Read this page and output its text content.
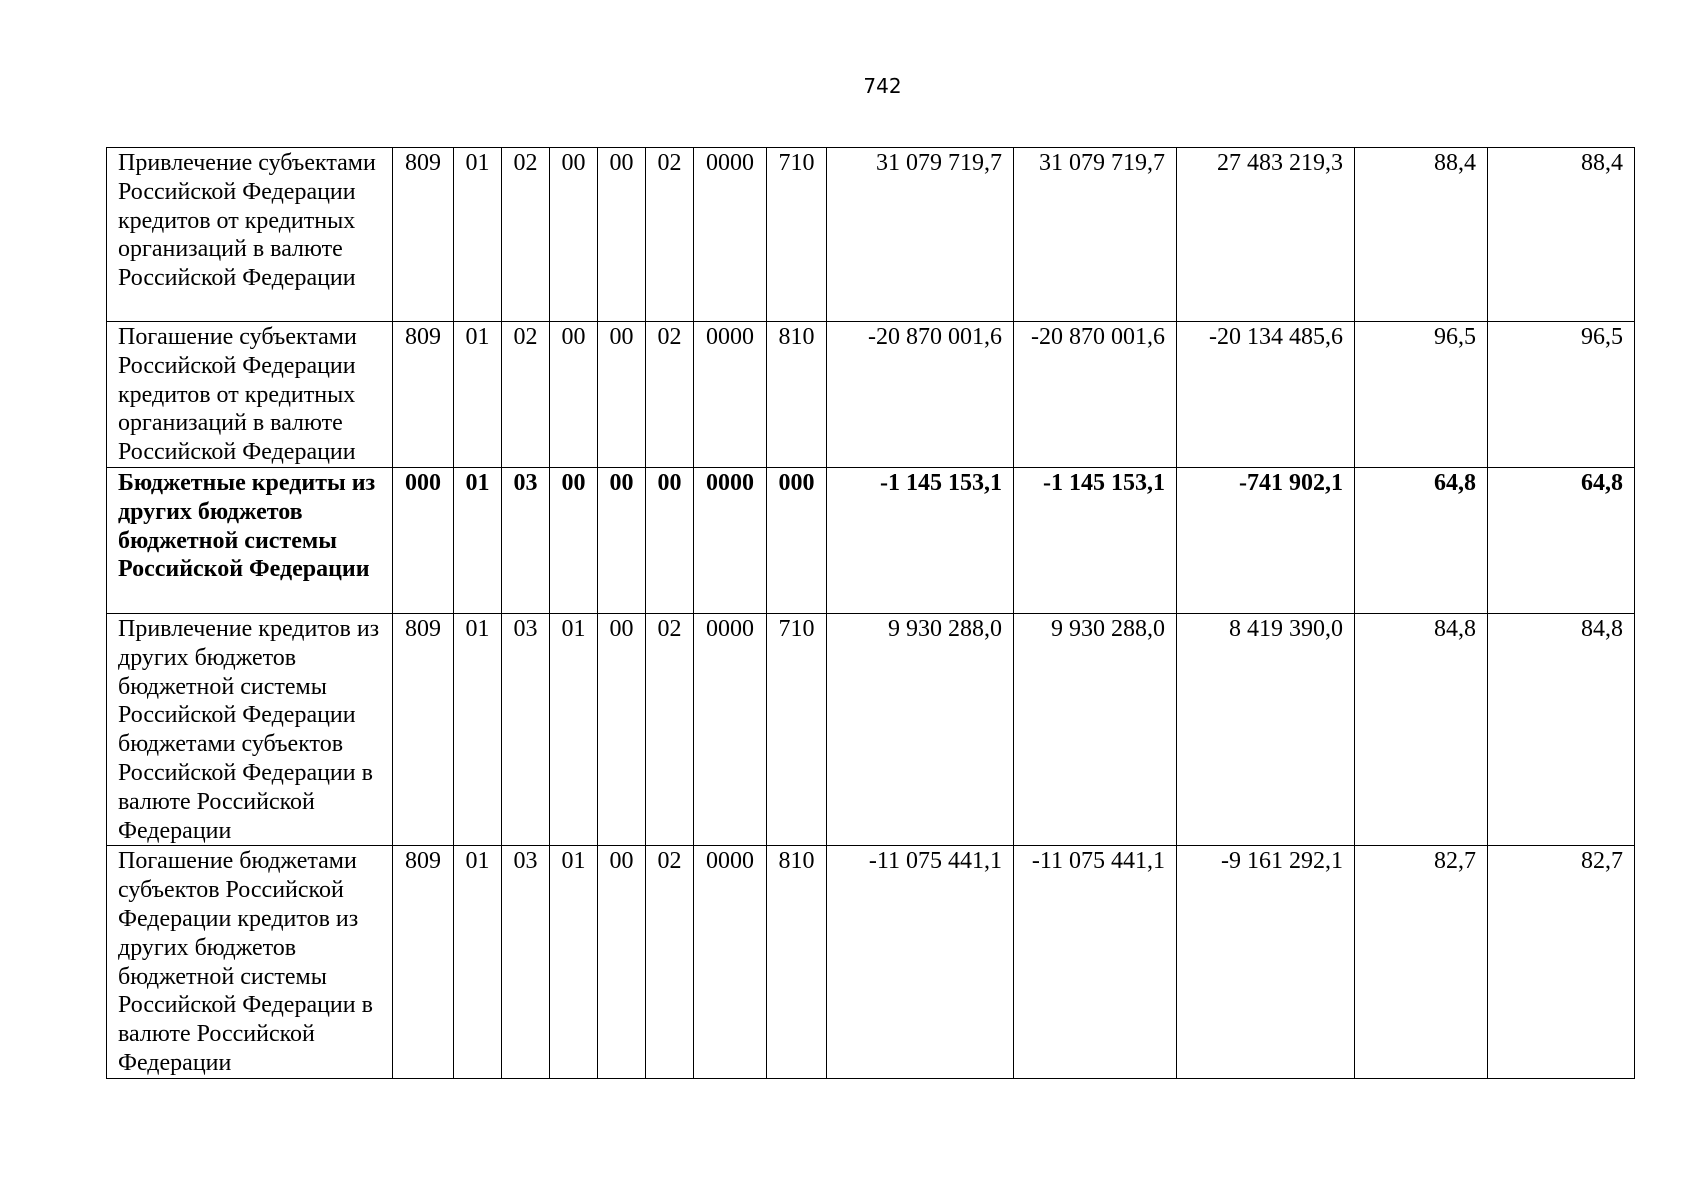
742
Привлечение субъектами Российской Федерации кредитов от кредитных организаций в валюте Российской Федерации	809	01	02	00	00	02	0000	710	31 079 719,7	31 079 719,7	27 483 219,3	88,4	88,4
Погашение субъектами Российской Федерации кредитов от кредитных организаций в валюте Российской Федерации	809	01	02	00	00	02	0000	810	-20 870 001,6	-20 870 001,6	-20 134 485,6	96,5	96,5
Бюджетные кредиты из других бюджетов бюджетной системы Российской Федерации	000	01	03	00	00	00	0000	000	-1 145 153,1	-1 145 153,1	-741 902,1	64,8	64,8
Привлечение кредитов из других бюджетов бюджетной системы Российской Федерации бюджетами субъектов Российской Федерации в валюте Российской Федерации	809	01	03	01	00	02	0000	710	9 930 288,0	9 930 288,0	8 419 390,0	84,8	84,8
Погашение бюджетами субъектов Российской Федерации кредитов из других бюджетов бюджетной системы Российской Федерации в валюте Российской Федерации	809	01	03	01	00	02	0000	810	-11 075 441,1	-11 075 441,1	-9 161 292,1	82,7	82,7
